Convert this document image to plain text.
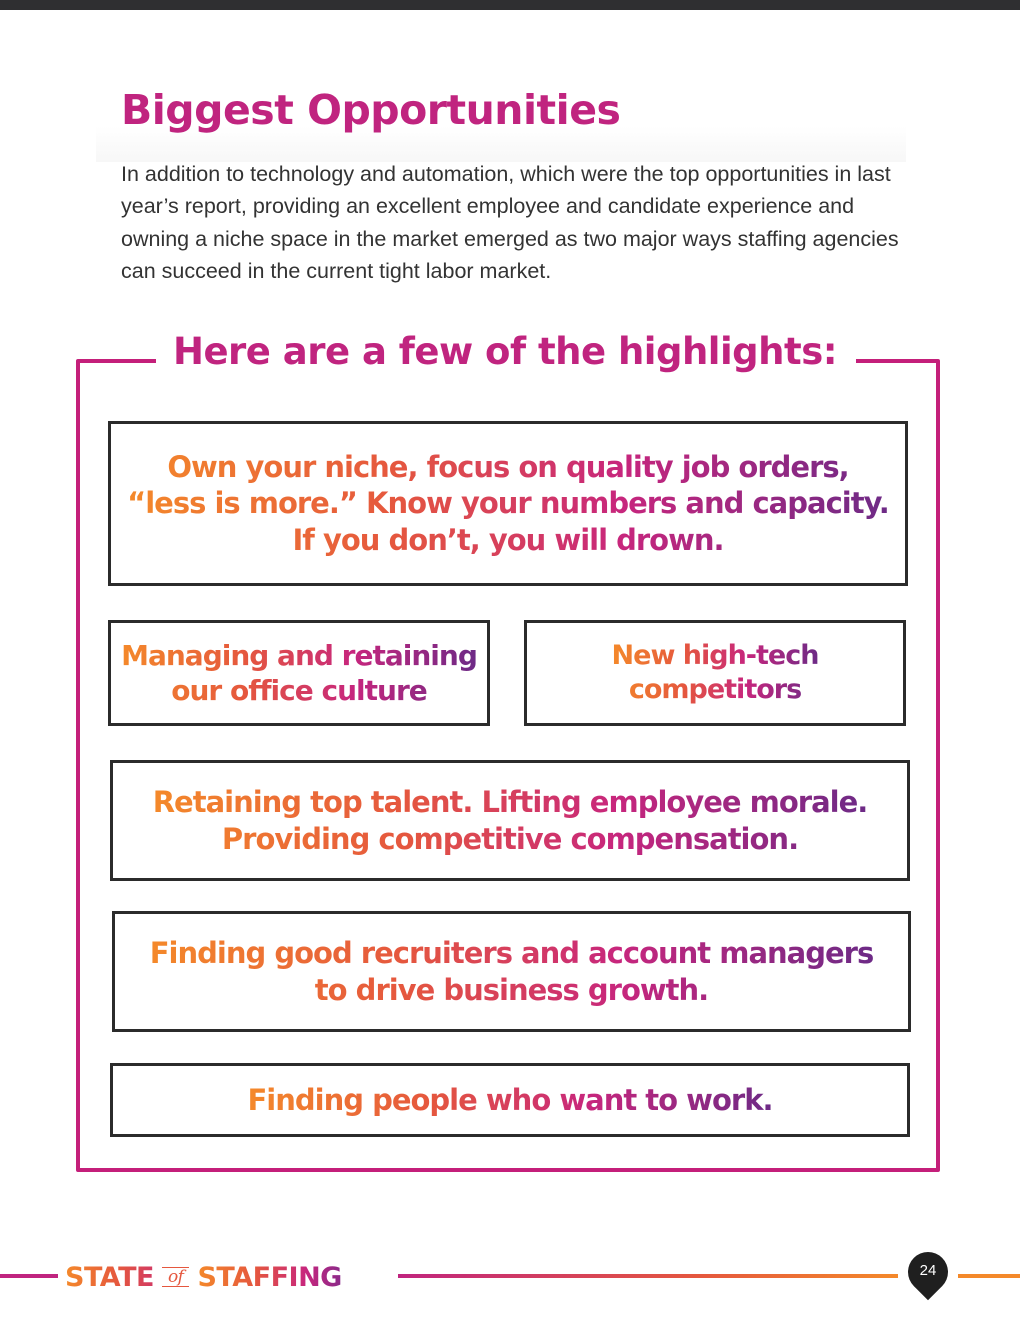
Biggest Opportunities

In addition to technology and automation, which were the top opportunities in last year’s report, providing an excellent employee and candidate experience and owning a niche space in the market emerged as two major ways staffing agencies can succeed in the current tight labor market.

Here are a few of the highlights:

Own your niche, focus on quality job orders,
“less is more.” Know your numbers and capacity.
If you don’t, you will drown.

Managing and retaining
our office culture

New high-tech
competitors

Retaining top talent. Lifting employee morale.
Providing competitive compensation.

Finding good recruiters and account managers
to drive business growth.

Finding people who want to work.

STATE of STAFFING	24
